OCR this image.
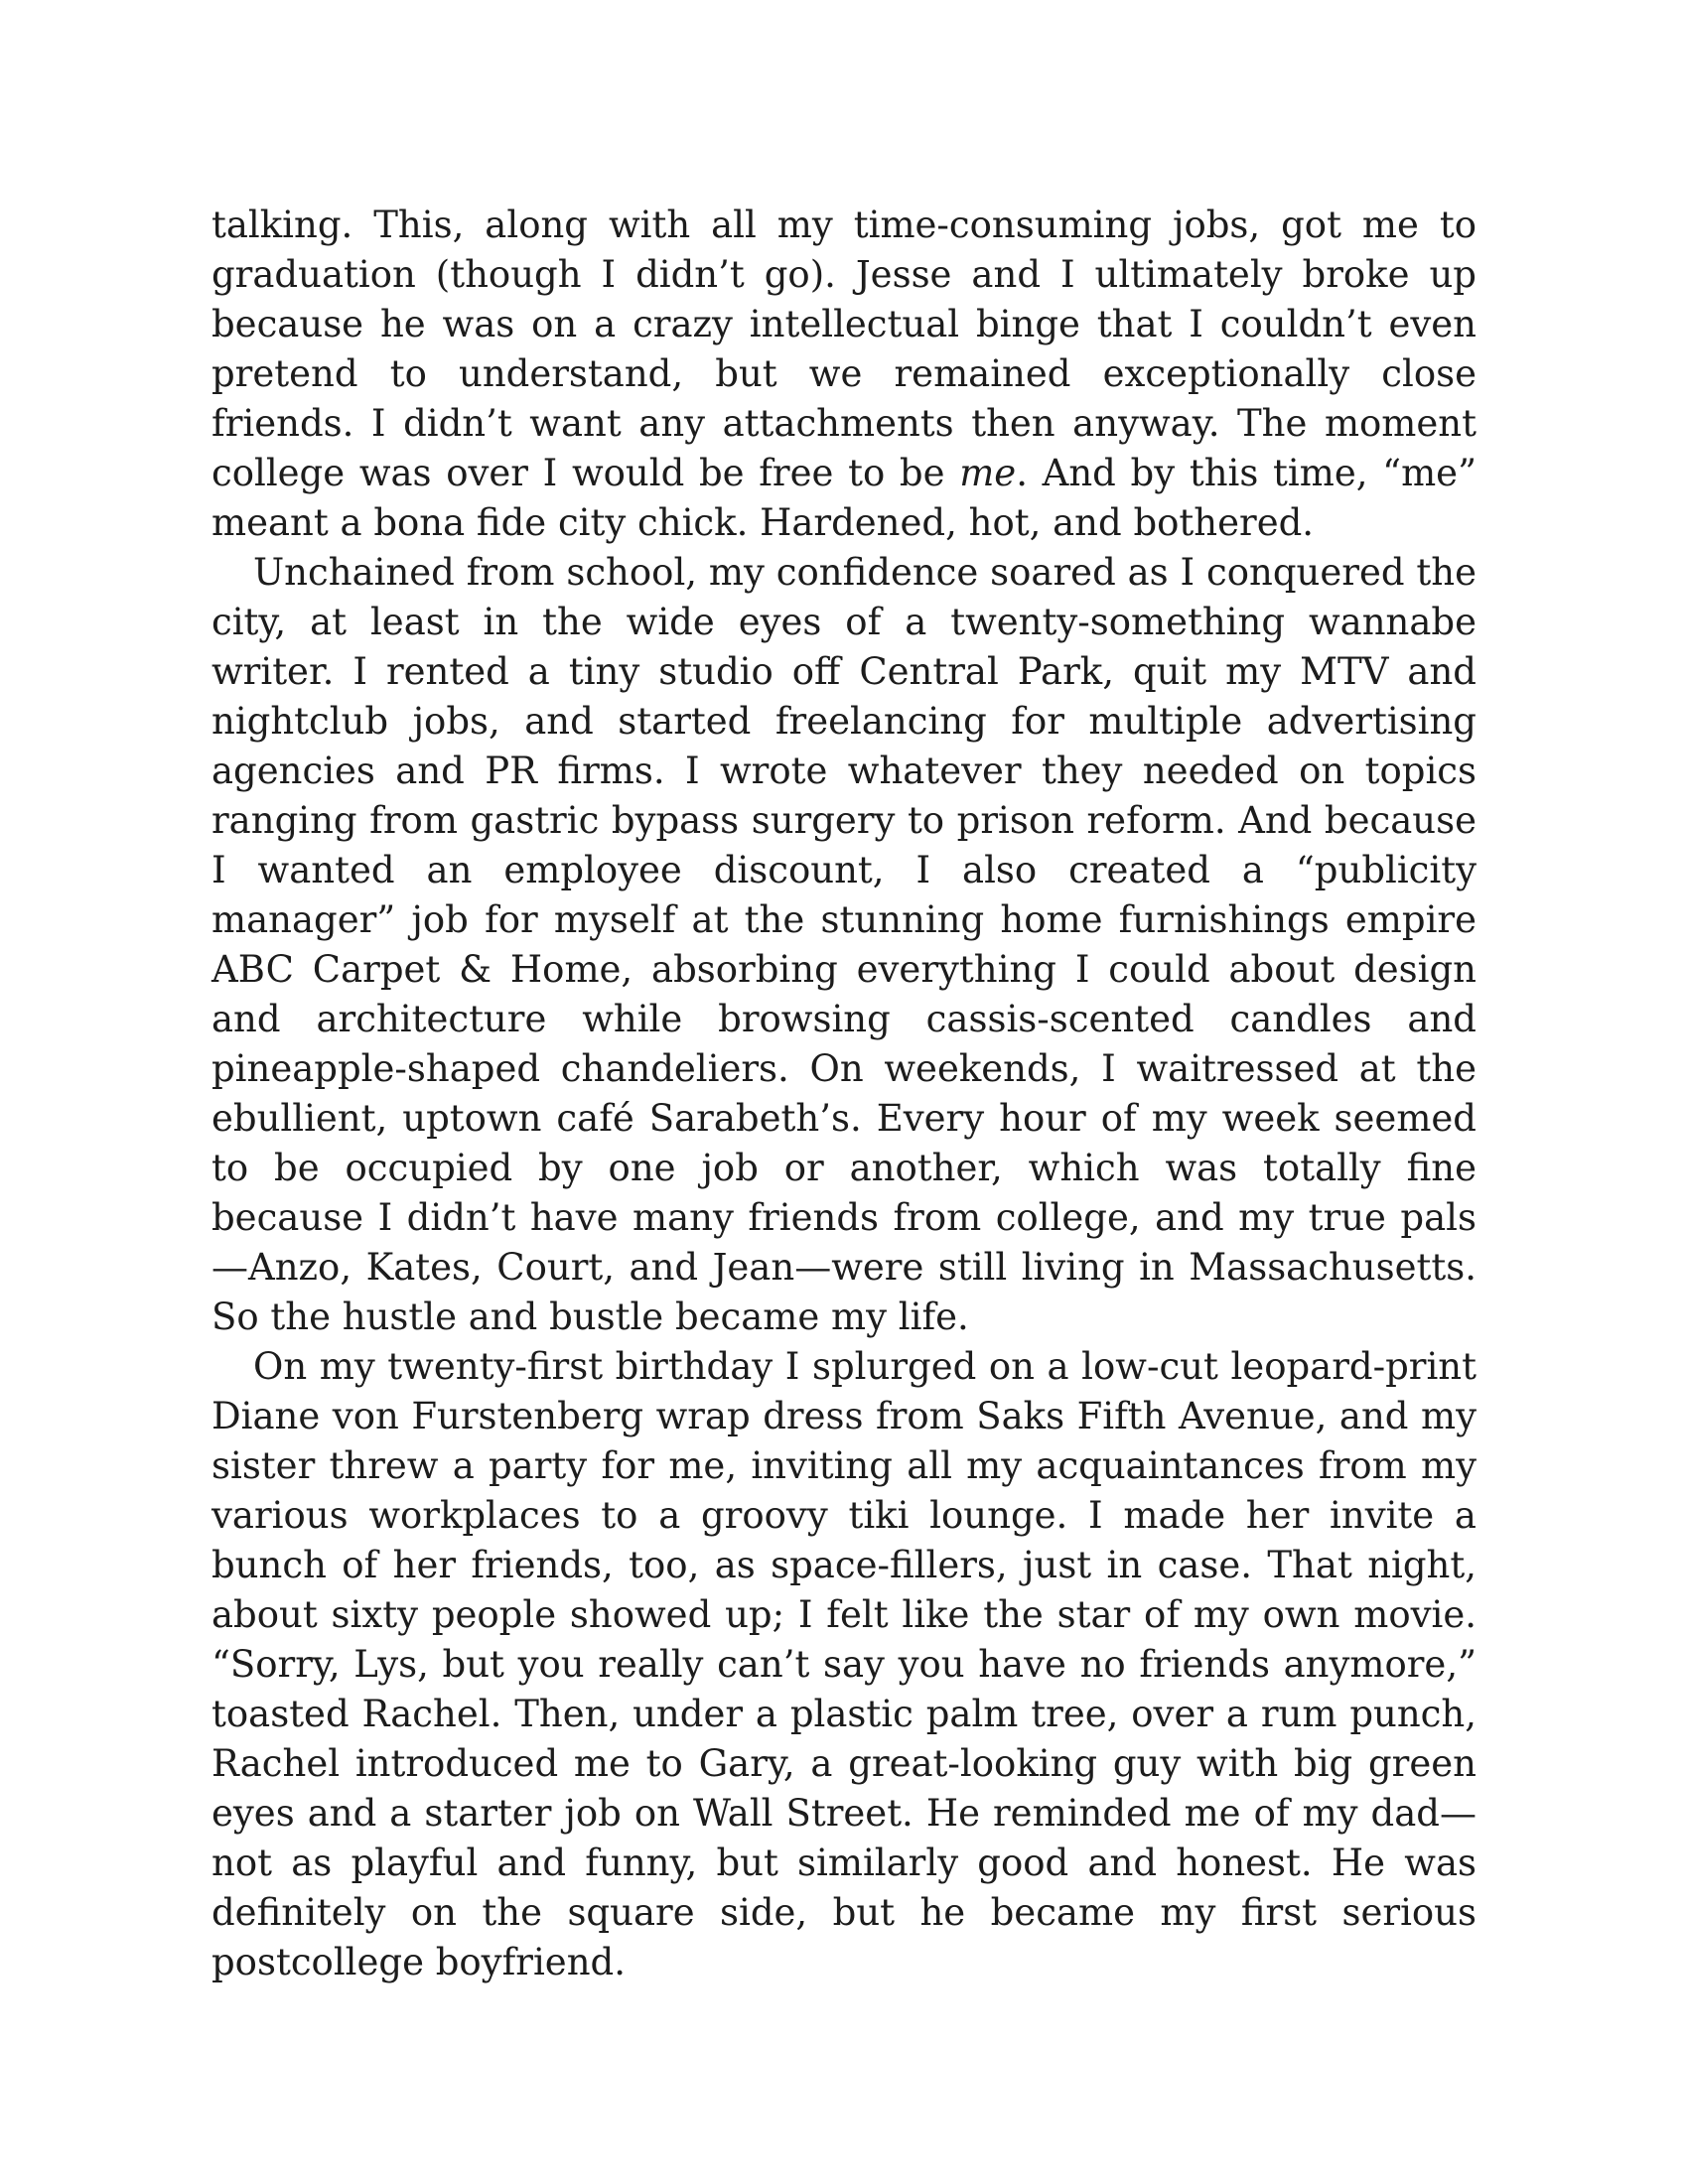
talking. This, along with all my time-consuming jobs, got me to graduation (though I didn’t go). Jesse and I ultimately broke up because he was on a crazy intellectual binge that I couldn’t even pretend to understand, but we remained exceptionally close friends. I didn’t want any attachments then anyway. The moment college was over I would be free to be me. And by this time, “me” meant a bona fide city chick. Hardened, hot, and bothered.

Unchained from school, my confidence soared as I conquered the city, at least in the wide eyes of a twenty-something wannabe writer. I rented a tiny studio off Central Park, quit my MTV and nightclub jobs, and started freelancing for multiple advertising agencies and PR firms. I wrote whatever they needed on topics ranging from gastric bypass surgery to prison reform. And because I wanted an employee discount, I also created a “publicity manager” job for myself at the stunning home furnishings empire ABC Carpet & Home, absorbing everything I could about design and architecture while browsing cassis-scented candles and pineapple-shaped chandeliers. On weekends, I waitressed at the ebullient, uptown café Sarabeth’s. Every hour of my week seemed to be occupied by one job or another, which was totally fine because I didn’t have many friends from college, and my true pals—Anzo, Kates, Court, and Jean—were still living in Massachusetts. So the hustle and bustle became my life.

On my twenty-first birthday I splurged on a low-cut leopard-print Diane von Furstenberg wrap dress from Saks Fifth Avenue, and my sister threw a party for me, inviting all my acquaintances from my various workplaces to a groovy tiki lounge. I made her invite a bunch of her friends, too, as space-fillers, just in case. That night, about sixty people showed up; I felt like the star of my own movie. “Sorry, Lys, but you really can’t say you have no friends anymore,” toasted Rachel. Then, under a plastic palm tree, over a rum punch, Rachel introduced me to Gary, a great-looking guy with big green eyes and a starter job on Wall Street. He reminded me of my dad—not as playful and funny, but similarly good and honest. He was definitely on the square side, but he became my first serious postcollege boyfriend.
